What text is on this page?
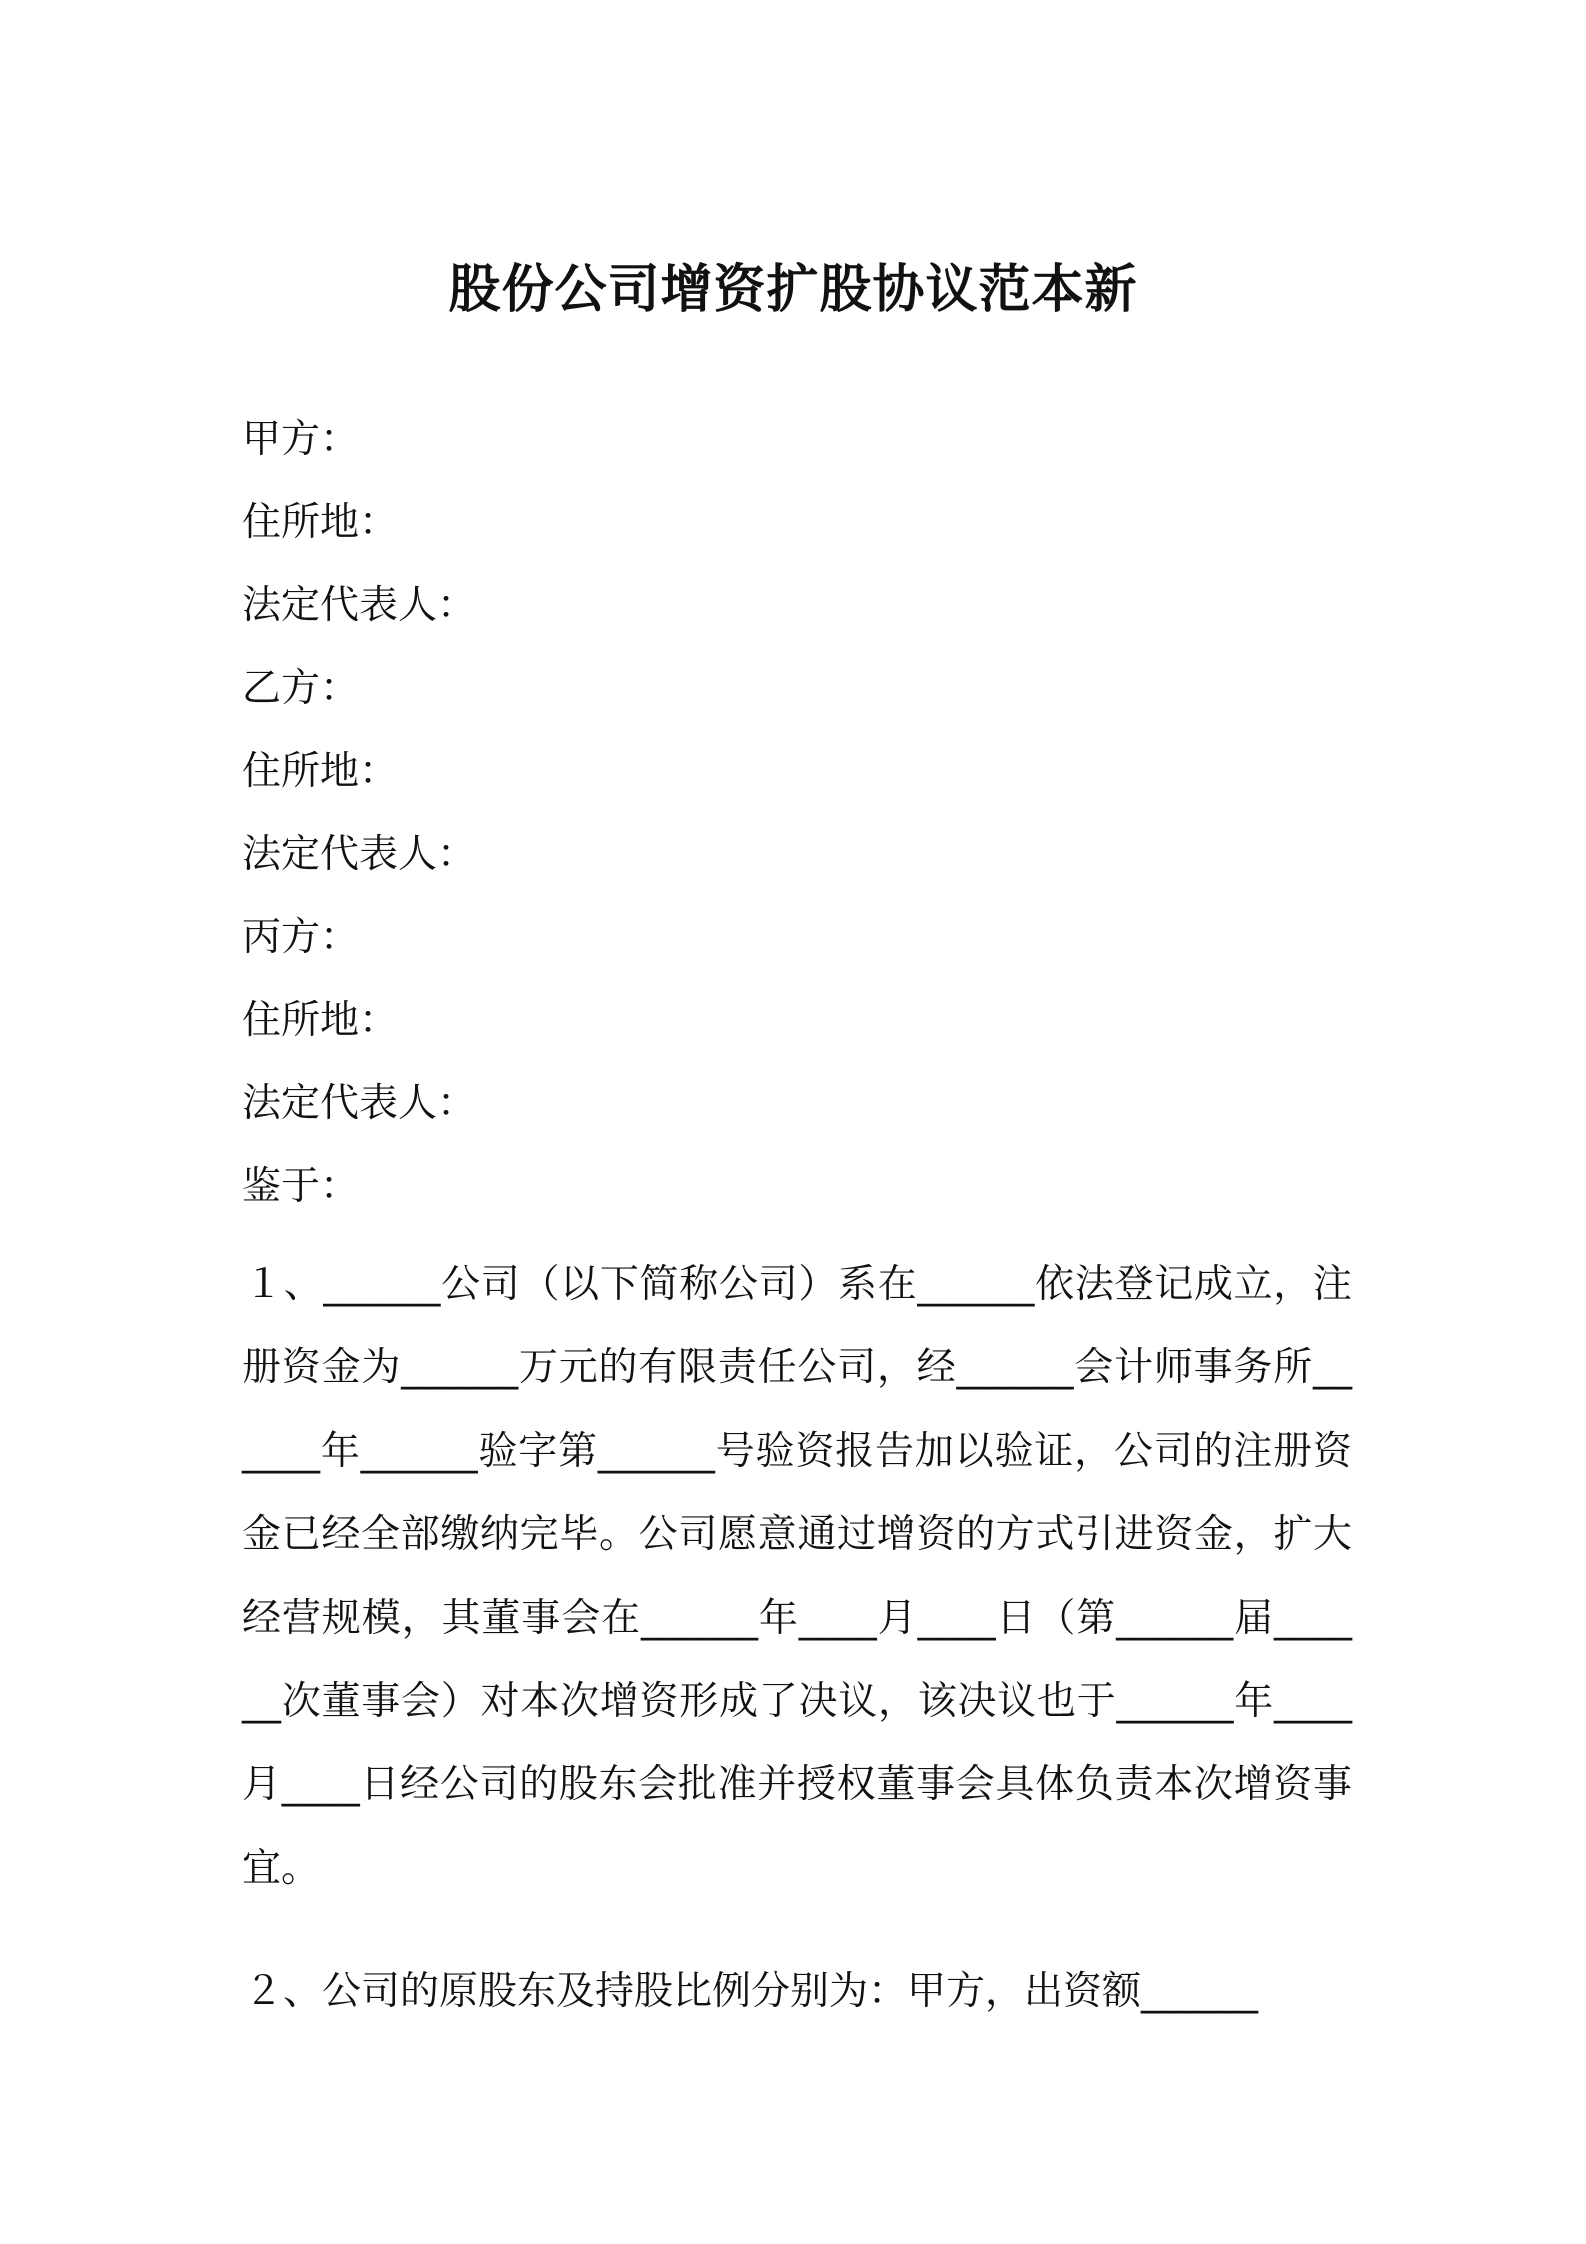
股份公司增资扩股协议范本新
甲方：
住所地：
法定代表人：
乙方：
住所地：
法定代表人：
丙方：
住所地：
法定代表人：
鉴于：
１、______公司（以下简称公司）系在______依法登记成立，注册资金为______万元的有限责任公司，经______会计师事务所______年______验字第______号验资报告加以验证，公司的注册资金已经全部缴纳完毕。公司愿意通过增资的方式引进资金，扩大经营规模，其董事会在______年____月____日（第______届______次董事会）对本次增资形成了决议，该决议也于______年____月____日经公司的股东会批准并授权董事会具体负责本次增资事宜。
２、公司的原股东及持股比例分别为：甲方，出资额______
